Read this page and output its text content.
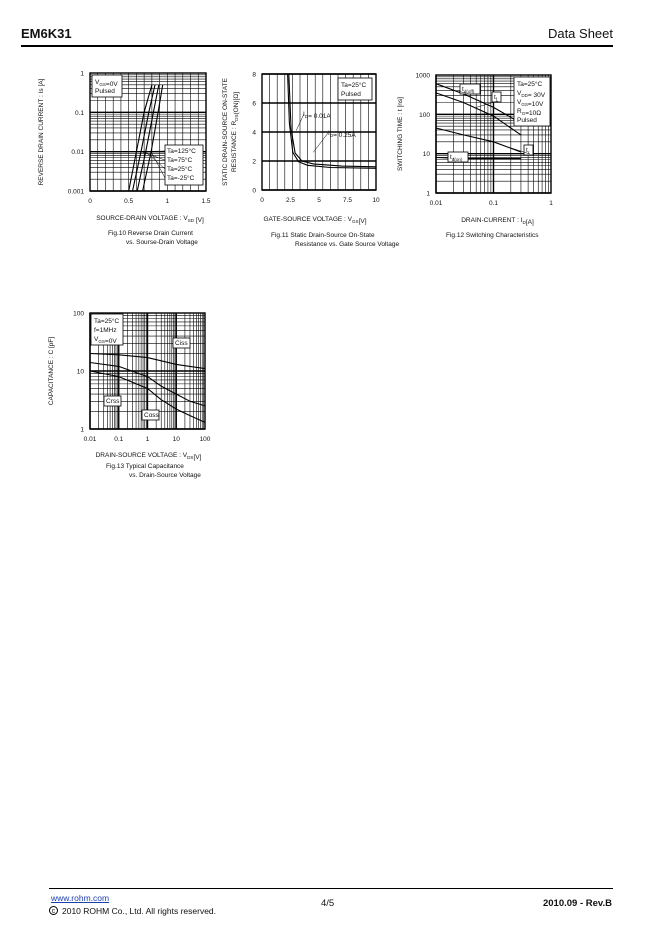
EM6K31	Data Sheet
0	0.5	1	1.5
0.001
0.01
0.1
1
$V_{GS}=0V$
Pulsed
Ta=125°C
Ta=75°C
Ta=25°C
Ta=-25°C
SOURCE-DRAIN VOLTAGE : $V_{SD}$ [V]
REVERSE DRAIN CURRENT : Is [A]
Fig.10 Reverse Drain Current
vs. Sourse-Drain Voltage
0	2.5	5	7.5	10
0
2
4
6
8
Ta=25°C
Pulsed
$_D$= 0.01A
$I_D= 0.25A$
GATE-SOURCE VOLTAGE : $V_{GS}[V]$
STATIC DRAIN-SOURCE ON-STATE RESISTANCE : $R_{DS}(ON)[\Omega]$
Fig.11 Static Drain-Source On-State
Resistance vs. Gate Source Voltage
0.01	0.1	1
1
10
100
1000
Ta=25°C
$V_{DD}= 30V$
$V_{GS}=10V$
$R_G=10\Omega$
Pulsed
$t_{d(off)}$
$t_f$
$t_r$
$t_{d(on)}$
DRAIN-CURRENT : $I_D[A]$
SWITCHING TIME : t [ns]
Fig.12 Switching Characteristics
0.01	0.1	1	10	100
1
10
100
Ta=25°C
f=1MHz
$V_{GS}=0V$	Ciss
Crss
Coss
DRAIN-SOURCE VOLTAGE : $V_{DS}[V]$
CAPACITANCE : C [pF]
Fig.13 Typical Capacitance
vs. Drain-Source Voltage
www.rohm.com
c 2010 ROHM Co., Ltd. All rights reserved.
4/5	2010.09 - Rev.B
